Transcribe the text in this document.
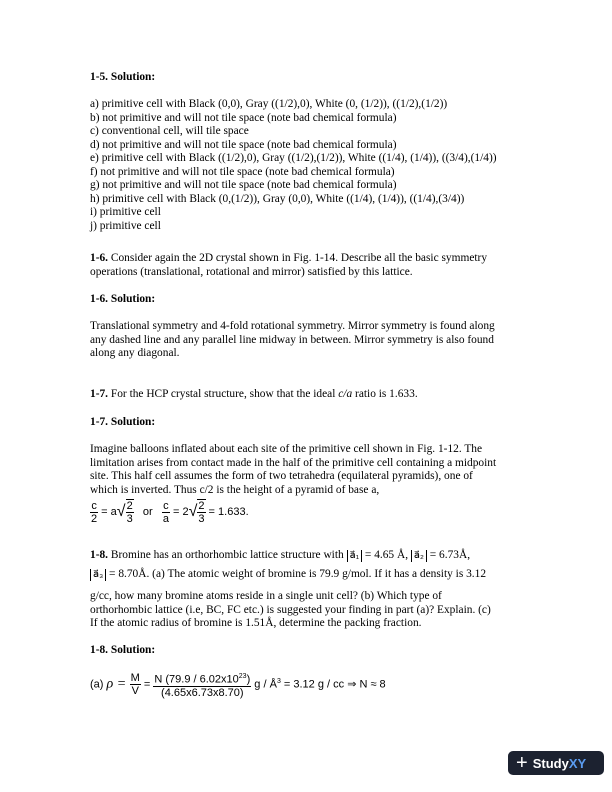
1-5. Solution:
a) primitive cell with Black (0,0), Gray ((1/2),0), White (0, (1/2)), ((1/2),(1/2))
b) not primitive and will not tile space (note bad chemical formula)
c) conventional cell, will tile space
d) not primitive and will not tile space (note bad chemical formula)
e) primitive cell with Black ((1/2),0), Gray ((1/2),(1/2)), White ((1/4), (1/4)), ((3/4),(1/4))
f) not primitive and will not tile space (note bad chemical formula)
g) not primitive and will not tile space (note bad chemical formula)
h) primitive cell with Black (0,(1/2)), Gray (0,0), White ((1/4), (1/4)), ((1/4),(3/4))
i) primitive cell
j) primitive cell
1-6. Consider again the 2D crystal shown in Fig. 1-14. Describe all the basic symmetry
operations (translational, rotational and mirror) satisfied by this lattice.
1-6. Solution:
Translational symmetry and 4-fold rotational symmetry. Mirror symmetry is found along
any dashed line and any parallel line midway in between. Mirror symmetry is also found
along any diagonal.
1-7. For the HCP crystal structure, show that the ideal c/a ratio is 1.633.
1-7. Solution:
Imagine balloons inflated about each site of the primitive cell shown in Fig. 1-12. The
limitation arises from contact made in the half of the primitive cell containing a midpoint
site. This half cell assumes the form of two tetrahedra (equilateral pyramids), one of
which is inverted. Thus c/2 is the height of a pyramid of base a,
$\frac{c}{2} = a$ √ $\frac{2}{3}$ or $\frac{c}{a} = 2$ √ $\frac{2}{3} = 1.633$.
1-8. Bromine has an orthorhombic lattice structure with a⃗₁ = 4.65 Å, a⃗₂ = 6.73Å,
a⃗₃ = 8.70Å. (a) The atomic weight of bromine is 79.9 g/mol. If it has a density is 3.12
g/cc, how many bromine atoms reside in a single unit cell? (b) Which type of
orthorhombic lattice (i.e, BC, FC etc.) is suggested your finding in part (a)? Explain. (c)
If the atomic radius of bromine is 1.51Å, determine the packing fraction.
1-8. Solution:
(a) $\rho = \frac{M}{V} = \frac{N (79.9 / 6.02x10^{23})}{(4.65x6.73x8.70)}$ $g / Å^3 = 3.12$ g / cc ⇒ N ≈ 8
+ Study XY
